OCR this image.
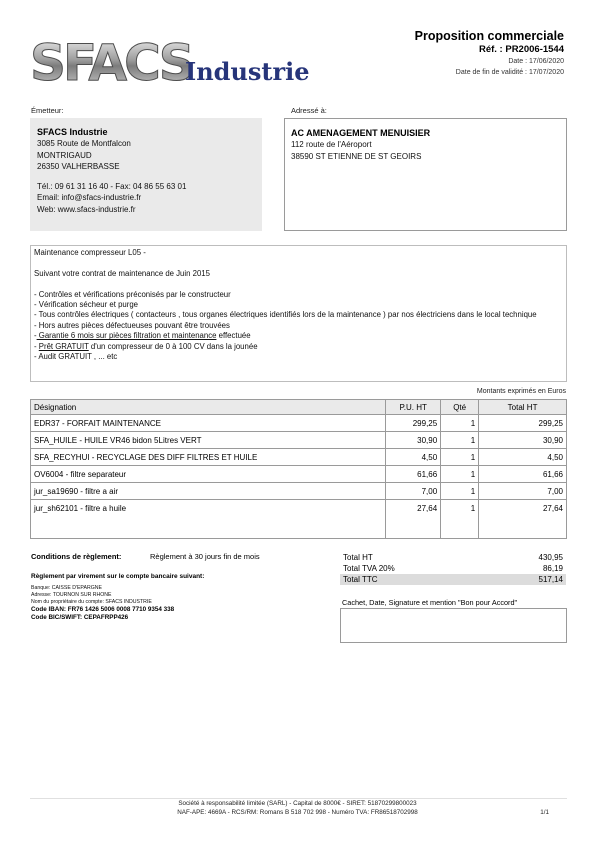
SFACS
Industrie
Proposition commerciale
Réf. : PR2006-1544
Date : 17/06/2020
Date de fin de validité : 17/07/2020
Émetteur:
SFACS Industrie
3085 Route de Montfalcon
MONTRIGAUD
26350 VALHERBASSE
Tél.: 09 61 31 16 40 - Fax: 04 86 55 63 01
Email: info@sfacs-industrie.fr
Web: www.sfacs-industrie.fr
Adressé à:
AC AMENAGEMENT MENUISIER
112 route de l'Aéroport
38590 ST ETIENNE DE ST GEOIRS
Maintenance compresseur L05 -
Suivant votre contrat de maintenance de Juin 2015
- Contrôles et vérifications préconisés par le constructeur
- Vérification sécheur et purge
- Tous contrôles électriques ( contacteurs , tous organes électriques identifiés lors de la maintenance ) par nos électriciens dans le local technique
- Hors autres pièces défectueuses pouvant être trouvées
- Garantie 6 mois sur pièces filtration et maintenance effectuée
- Prêt GRATUIT d'un compresseur de 0 à 100 CV dans la jounée
- Audit GRATUIT , ... etc
Montants exprimés en Euros
Désignation	P.U. HT	Qté	Total HT
EDR37 - FORFAIT MAINTENANCE	299,25	1	299,25
SFA_HUILE - HUILE VR46 bidon 5Litres VERT	30,90	1	30,90
SFA_RECYHUI - RECYCLAGE DES DIFF FILTRES ET HUILE	4,50	1	4,50
OV6004 - filtre separateur	61,66	1	61,66
jur_sa19690 - filtre a air	7,00	1	7,00
jur_sh62101 - filtre a huile	27,64	1	27,64
Conditions de règlement:	Règlement à 30 jours fin de mois
Règlement par virement sur le compte bancaire suivant:
Banque: CAISSE D'EPARGNE
Adresse: TOURNON SUR RHONE
Nom du propriétaire du compte: SFACS INDUSTRIE
Code IBAN: FR76 1426 5006 0008 7710 9354 338
Code BIC/SWIFT: CEPAFRPP426
Total HT	430,95
Total TVA 20%	86,19
Total TTC	517,14
Cachet, Date, Signature et mention "Bon pour Accord"
Société à responsabilité limitée (SARL) - Capital de 8000€ - SIRET: 51870299800023
NAF-APE: 4669A - RCS/RM: Romans B 518 702 998 - Numéro TVA: FR86518702998	1/1
